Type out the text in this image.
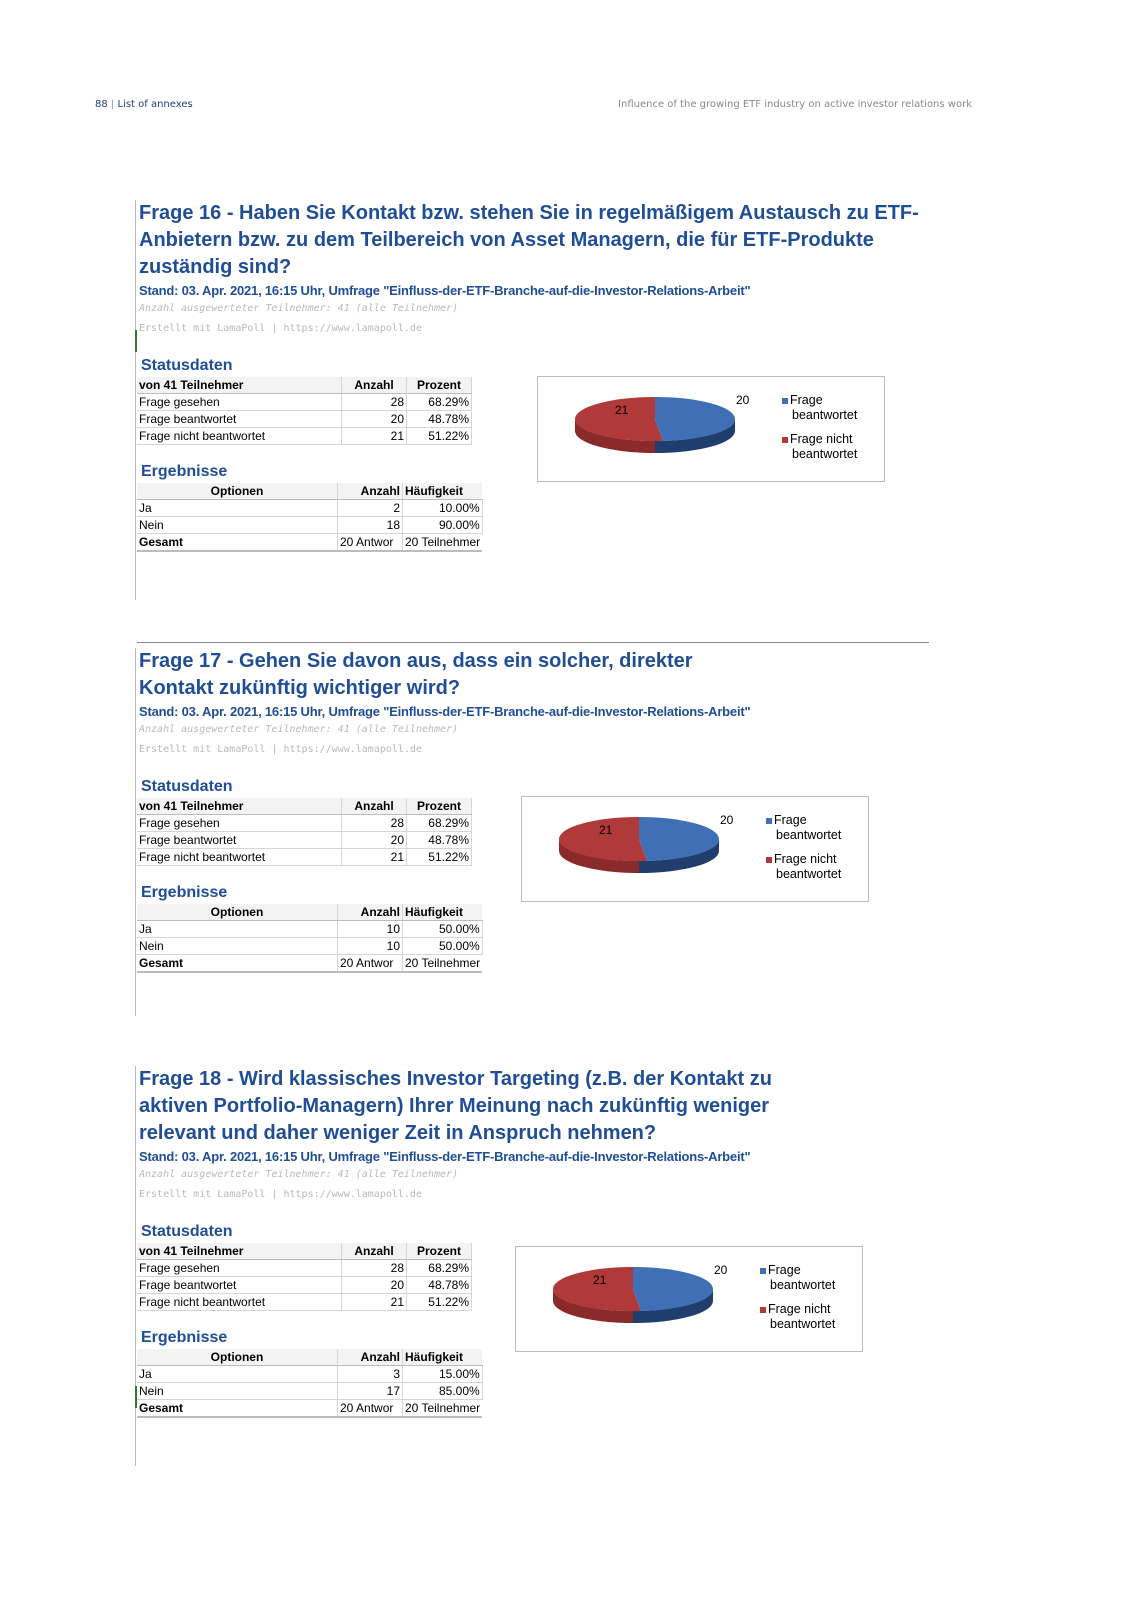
88 | List of annexes	Influence of the growing ETF industry on active investor relations work
Frage 16 - Haben Sie Kontakt bzw. stehen Sie in regelmäßigem Austausch zu ETF-Anbietern bzw. zu dem Teilbereich von Asset Managern, die für ETF-Produkte zuständig sind?
Stand: 03. Apr. 2021, 16:15 Uhr, Umfrage "Einfluss-der-ETF-Branche-auf-die-Investor-Relations-Arbeit"
Anzahl ausgewerteter Teilnehmer: 41 (alle Teilnehmer)
Erstellt mit LamaPoll | https://www.lamapoll.de
Statusdaten
von 41 Teilnehmer	Anzahl	Prozent
Frage gesehen	28	68.29%
Frage beantwortet	20	48.78%
Frage nicht beantwortet	21	51.22%
Ergebnisse
Optionen	Anzahl	Häufigkeit
Ja	2	10.00%
Nein	18	90.00%
Gesamt	20 Antwor	20 Teilnehmer
21
20	Frage
beantwortet
Frage nicht
beantwortet
Frage 17 - Gehen Sie davon aus, dass ein solcher, direkter Kontakt zukünftig wichtiger wird?
Stand: 03. Apr. 2021, 16:15 Uhr, Umfrage "Einfluss-der-ETF-Branche-auf-die-Investor-Relations-Arbeit"
Anzahl ausgewerteter Teilnehmer: 41 (alle Teilnehmer)
Erstellt mit LamaPoll | https://www.lamapoll.de
Statusdaten
von 41 Teilnehmer	Anzahl	Prozent
Frage gesehen	28	68.29%
Frage beantwortet	20	48.78%
Frage nicht beantwortet	21	51.22%
Ergebnisse
Optionen	Anzahl	Häufigkeit
Ja	10	50.00%
Nein	10	50.00%
Gesamt	20 Antwor	20 Teilnehmer
21
20	Frage
beantwortet
Frage nicht
beantwortet
Frage 18 - Wird klassisches Investor Targeting (z.B. der Kontakt zu aktiven Portfolio-Managern) Ihrer Meinung nach zukünftig weniger relevant und daher weniger Zeit in Anspruch nehmen?
Stand: 03. Apr. 2021, 16:15 Uhr, Umfrage "Einfluss-der-ETF-Branche-auf-die-Investor-Relations-Arbeit"
Anzahl ausgewerteter Teilnehmer: 41 (alle Teilnehmer)
Erstellt mit LamaPoll | https://www.lamapoll.de
Statusdaten
von 41 Teilnehmer	Anzahl	Prozent
Frage gesehen	28	68.29%
Frage beantwortet	20	48.78%
Frage nicht beantwortet	21	51.22%
Ergebnisse
Optionen	Anzahl	Häufigkeit
Ja	3	15.00%
Nein	17	85.00%
Gesamt	20 Antwor	20 Teilnehmer
21
20	Frage
beantwortet
Frage nicht
beantwortet
